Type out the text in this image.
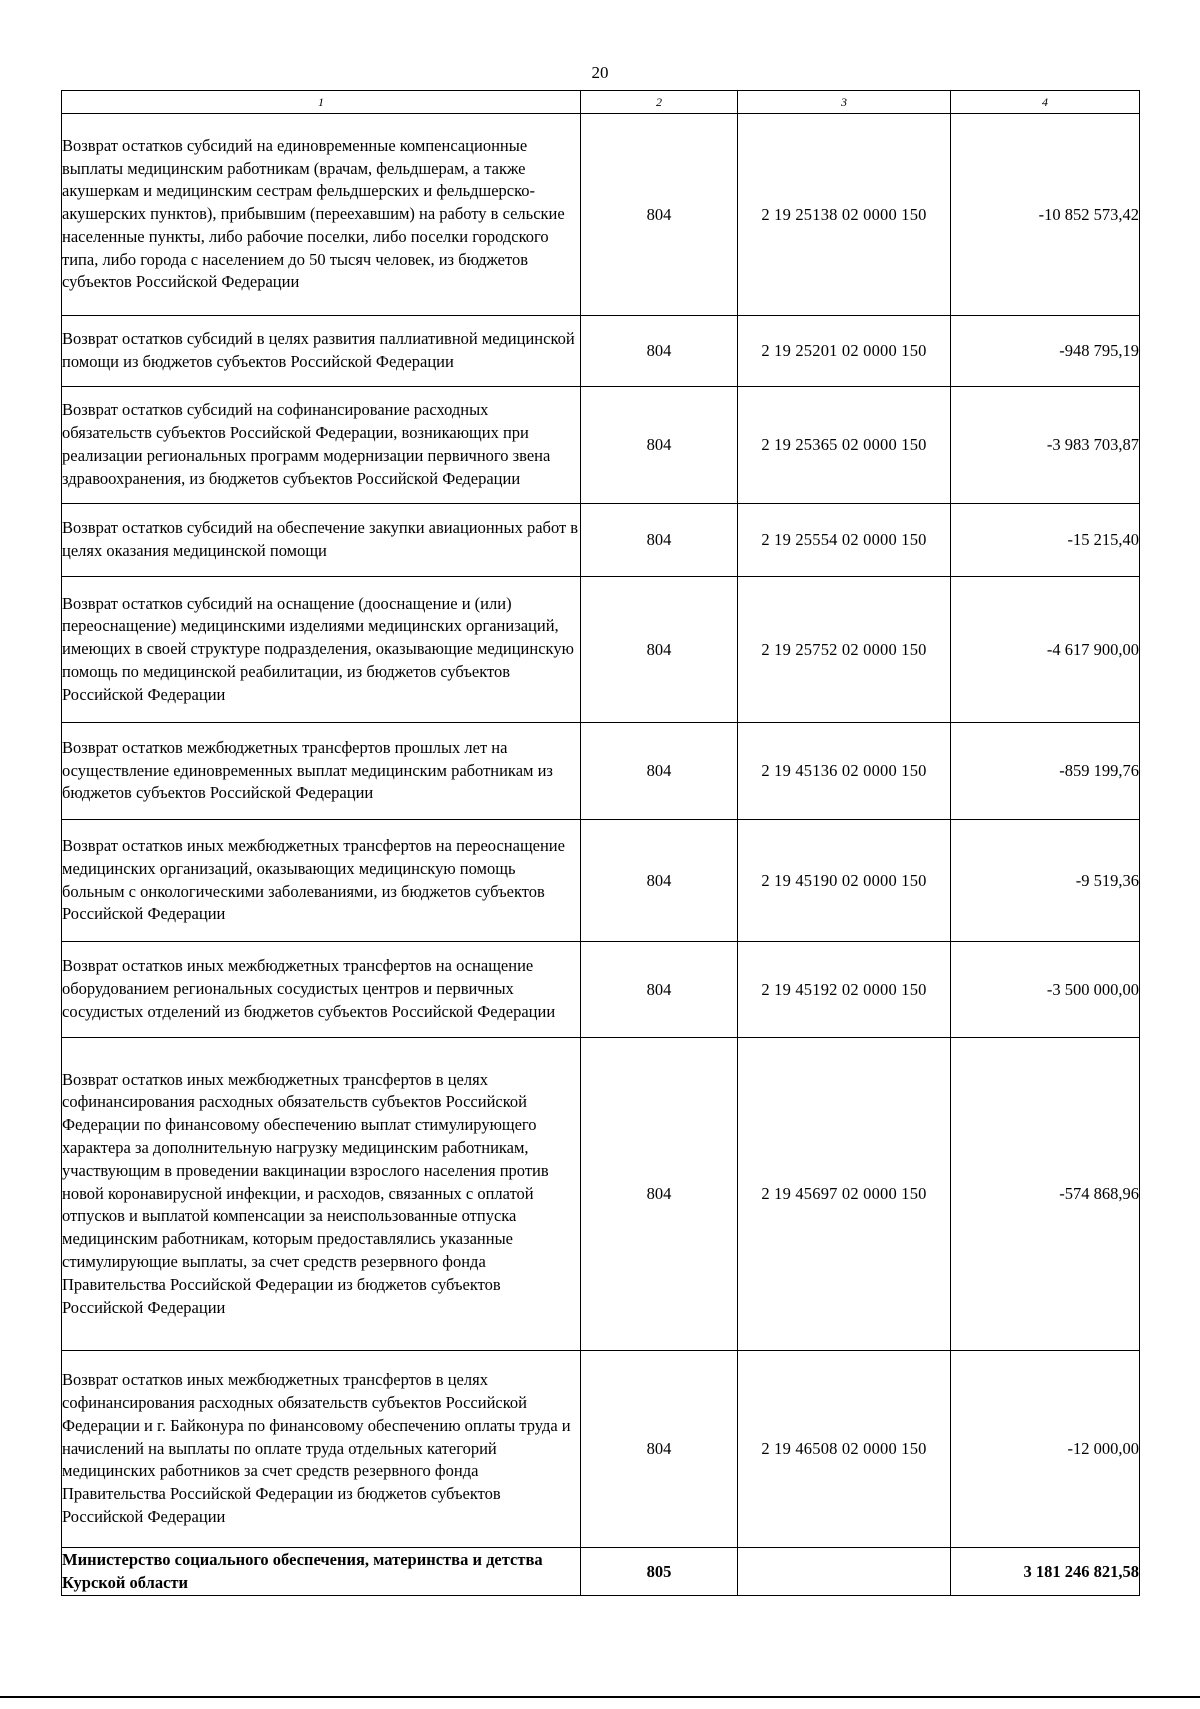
20
1	2	3	4
Возврат остатков субсидий на единовременные компенсационные выплаты медицинским работникам (врачам, фельдшерам, а также акушеркам и медицинским сестрам фельдшерских и фельдшерско-акушерских пунктов), прибывшим (переехавшим) на работу в сельские населенные пункты, либо рабочие поселки, либо поселки городского типа, либо города с населением до 50 тысяч человек, из бюджетов субъектов Российской Федерации	804	2 19 25138 02 0000 150	-10 852 573,42
Возврат остатков субсидий в целях развития паллиативной медицинской помощи из бюджетов субъектов Российской Федерации	804	2 19 25201 02 0000 150	-948 795,19
Возврат остатков субсидий на софинансирование расходных обязательств субъектов Российской Федерации, возникающих при реализации региональных программ модернизации первичного звена здравоохранения, из бюджетов субъектов Российской Федерации	804	2 19 25365 02 0000 150	-3 983 703,87
Возврат остатков субсидий на обеспечение закупки авиационных работ в целях оказания медицинской помощи	804	2 19 25554 02 0000 150	-15 215,40
Возврат остатков субсидий на оснащение (дооснащение и (или) переоснащение) медицинскими изделиями медицинских организаций, имеющих в своей структуре подразделения, оказывающие медицинскую помощь по медицинской реабилитации, из бюджетов субъектов Российской Федерации	804	2 19 25752 02 0000 150	-4 617 900,00
Возврат остатков межбюджетных трансфертов прошлых лет на осуществление единовременных выплат медицинским работникам из бюджетов субъектов Российской Федерации	804	2 19 45136 02 0000 150	-859 199,76
Возврат остатков иных межбюджетных трансфертов на переоснащение медицинских организаций, оказывающих медицинскую помощь больным с онкологическими заболеваниями, из бюджетов субъектов Российской Федерации	804	2 19 45190 02 0000 150	-9 519,36
Возврат остатков иных межбюджетных трансфертов на оснащение оборудованием региональных сосудистых центров и первичных сосудистых отделений из бюджетов субъектов Российской Федерации	804	2 19 45192 02 0000 150	-3 500 000,00
Возврат остатков иных межбюджетных трансфертов в целях софинансирования расходных обязательств субъектов Российской Федерации по финансовому обеспечению выплат стимулирующего характера за дополнительную нагрузку медицинским работникам, участвующим в проведении вакцинации взрослого населения против новой коронавирусной инфекции, и расходов, связанных с оплатой отпусков и выплатой компенсации за неиспользованные отпуска медицинским работникам, которым предоставлялись указанные стимулирующие выплаты, за счет средств резервного фонда Правительства Российской Федерации из бюджетов субъектов Российской Федерации	804	2 19 45697 02 0000 150	-574 868,96
Возврат остатков иных межбюджетных трансфертов в целях софинансирования расходных обязательств субъектов Российской Федерации и г. Байконура по финансовому обеспечению оплаты труда и начислений на выплаты по оплате труда отдельных категорий медицинских работников за счет средств резервного фонда Правительства Российской Федерации из бюджетов субъектов Российской Федерации	804	2 19 46508 02 0000 150	-12 000,00
Министерство социального обеспечения, материнства и детства Курской области	805		3 181 246 821,58
